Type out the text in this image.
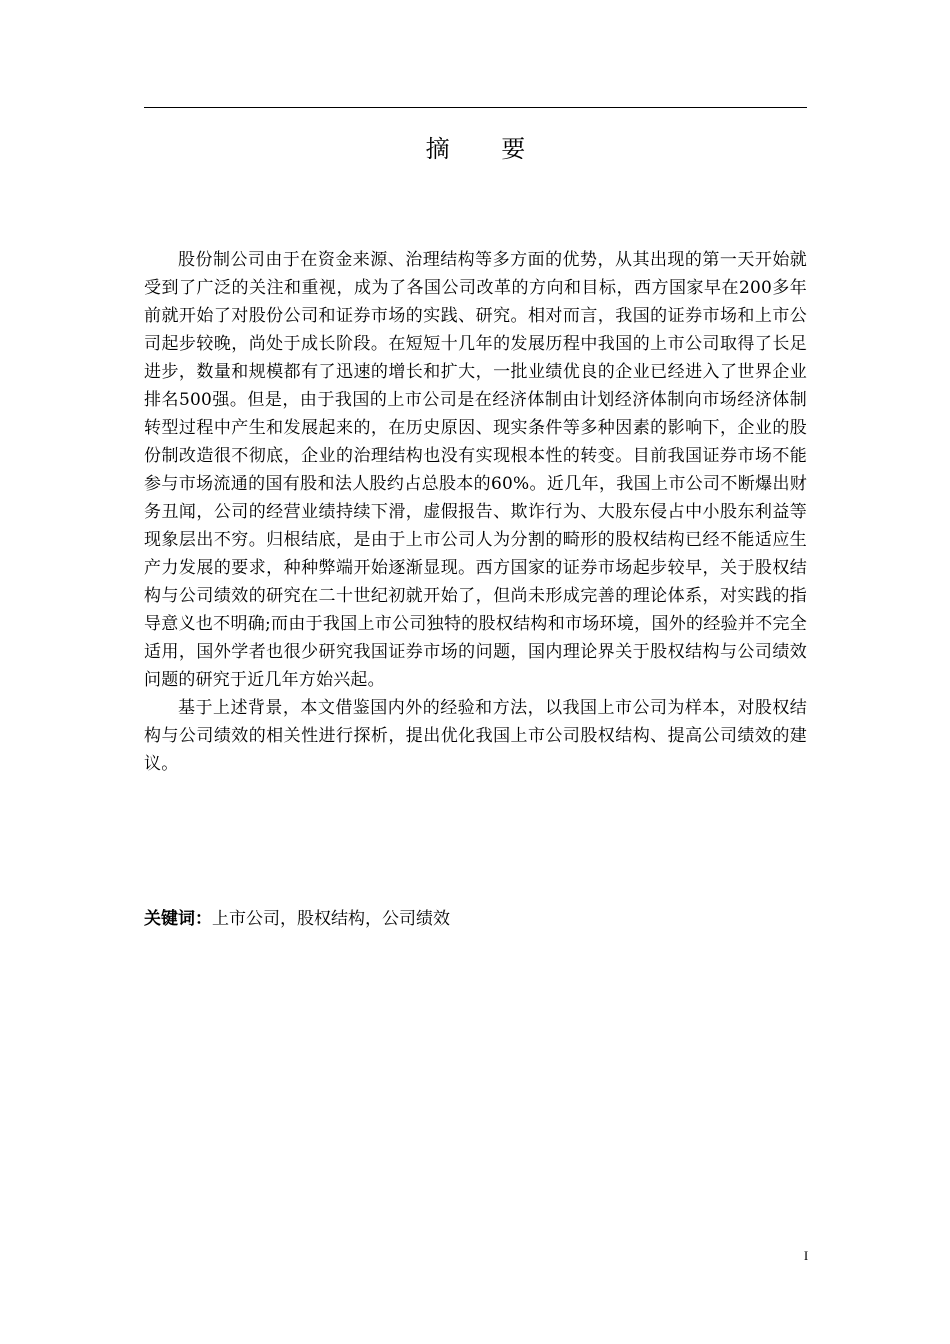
摘 要

股份制公司由于在资金来源、治理结构等多方面的优势，从其出现的第一天开始就受到了广泛的关注和重视，成为了各国公司改革的方向和目标，西方国家早在200多年前就开始了对股份公司和证券市场的实践、研究。相对而言，我国的证券市场和上市公司起步较晚，尚处于成长阶段。在短短十几年的发展历程中我国的上市公司取得了长足进步，数量和规模都有了迅速的增长和扩大，一批业绩优良的企业已经进入了世界企业排名500强。但是，由于我国的上市公司是在经济体制由计划经济体制向市场经济体制转型过程中产生和发展起来的，在历史原因、现实条件等多种因素的影响下，企业的股份制改造很不彻底，企业的治理结构也没有实现根本性的转变。目前我国证券市场不能参与市场流通的国有股和法人股约占总股本的60%。近几年，我国上市公司不断爆出财务丑闻，公司的经营业绩持续下滑，虚假报告、欺诈行为、大股东侵占中小股东利益等现象层出不穷。归根结底，是由于上市公司人为分割的畸形的股权结构已经不能适应生产力发展的要求，种种弊端开始逐渐显现。西方国家的证券市场起步较早，关于股权结构与公司绩效的研究在二十世纪初就开始了，但尚未形成完善的理论体系，对实践的指导意义也不明确;而由于我国上市公司独特的股权结构和市场环境，国外的经验并不完全适用，国外学者也很少研究我国证券市场的问题，国内理论界关于股权结构与公司绩效问题的研究于近几年方始兴起。

基于上述背景，本文借鉴国内外的经验和方法，以我国上市公司为样本，对股权结构与公司绩效的相关性进行探析，提出优化我国上市公司股权结构、提高公司绩效的建议。

关键词：上市公司，股权结构，公司绩效
I
